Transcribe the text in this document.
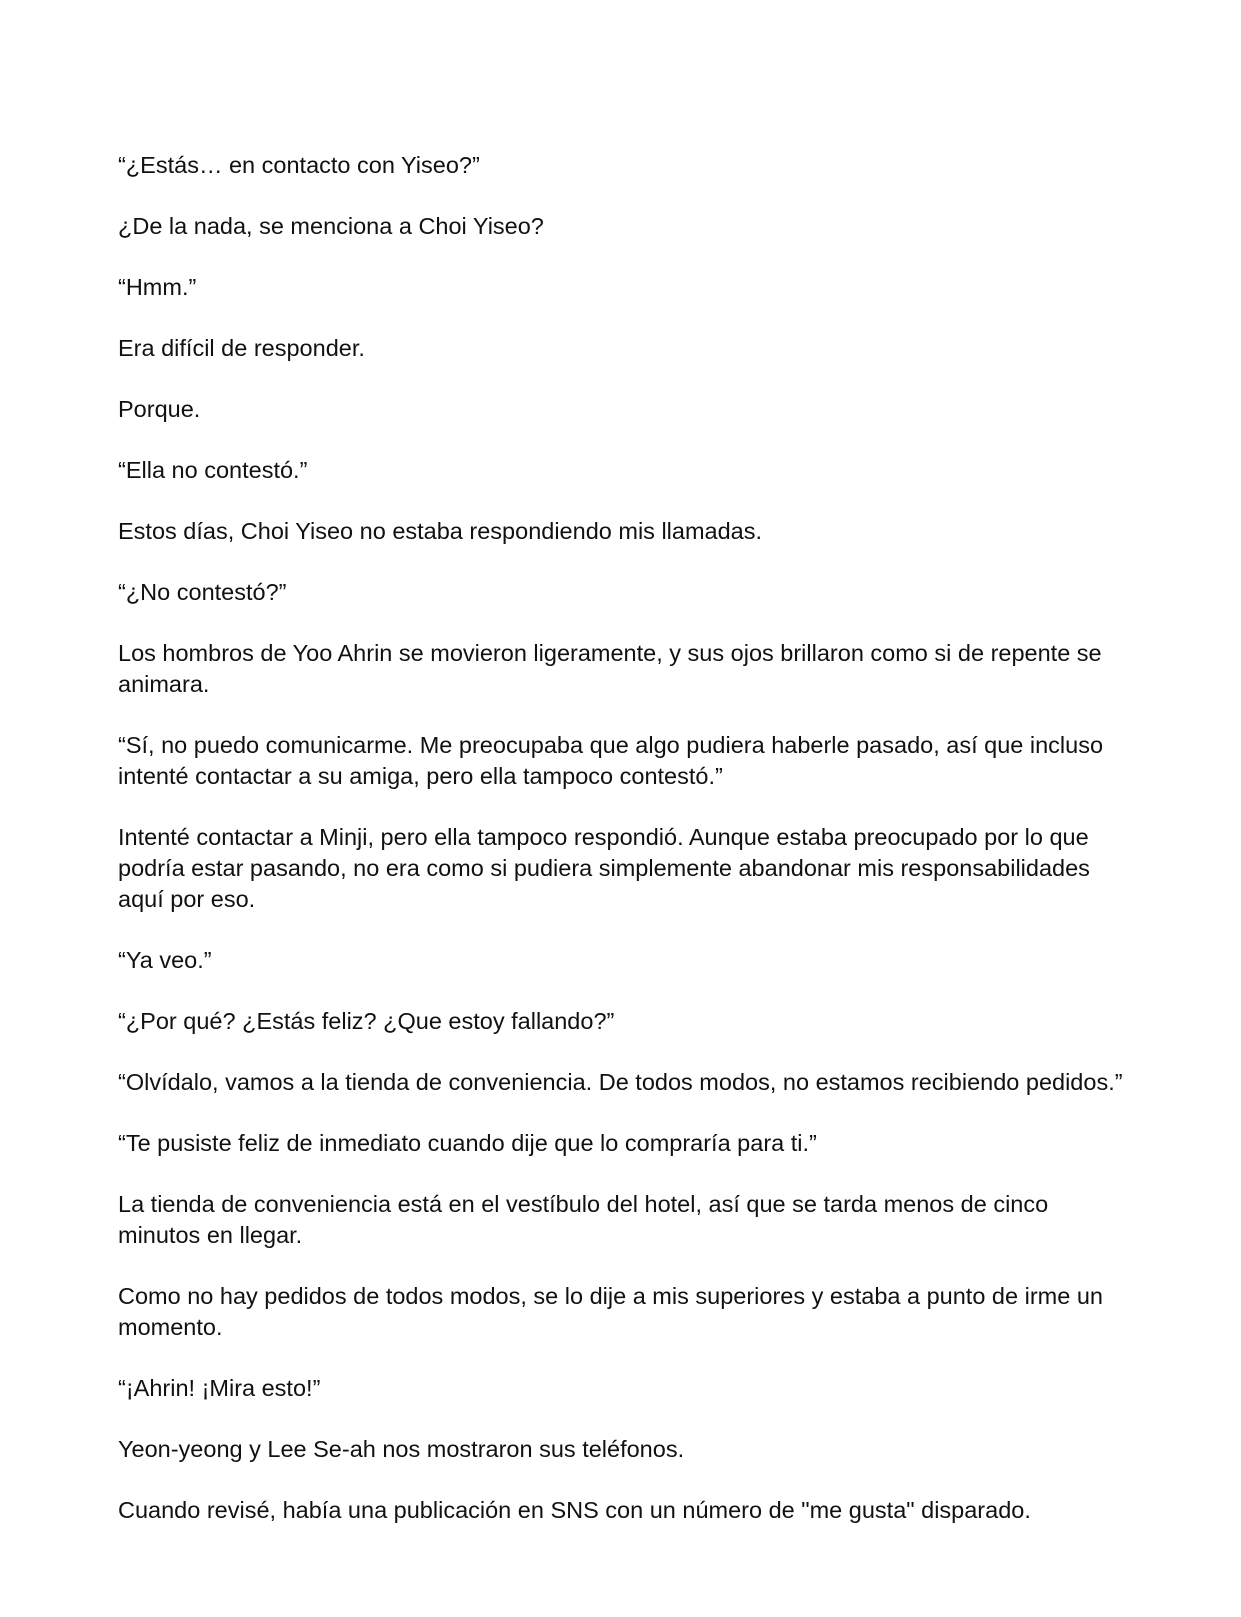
“¿Estás… en contacto con Yiseo?”

¿De la nada, se menciona a Choi Yiseo?

“Hmm.”

Era difícil de responder.

Porque.

“Ella no contestó.”

Estos días, Choi Yiseo no estaba respondiendo mis llamadas.

“¿No contestó?”

Los hombros de Yoo Ahrin se movieron ligeramente, y sus ojos brillaron como si de repente se animara.

“Sí, no puedo comunicarme. Me preocupaba que algo pudiera haberle pasado, así que incluso intenté contactar a su amiga, pero ella tampoco contestó.”

Intenté contactar a Minji, pero ella tampoco respondió. Aunque estaba preocupado por lo que podría estar pasando, no era como si pudiera simplemente abandonar mis responsabilidades aquí por eso.

“Ya veo.”

“¿Por qué? ¿Estás feliz? ¿Que estoy fallando?”

“Olvídalo, vamos a la tienda de conveniencia. De todos modos, no estamos recibiendo pedidos.”

“Te pusiste feliz de inmediato cuando dije que lo compraría para ti.”

La tienda de conveniencia está en el vestíbulo del hotel, así que se tarda menos de cinco minutos en llegar.

Como no hay pedidos de todos modos, se lo dije a mis superiores y estaba a punto de irme un momento.

“¡Ahrin! ¡Mira esto!”

Yeon-yeong y Lee Se-ah nos mostraron sus teléfonos.

Cuando revisé, había una publicación en SNS con un número de "me gusta" disparado.
